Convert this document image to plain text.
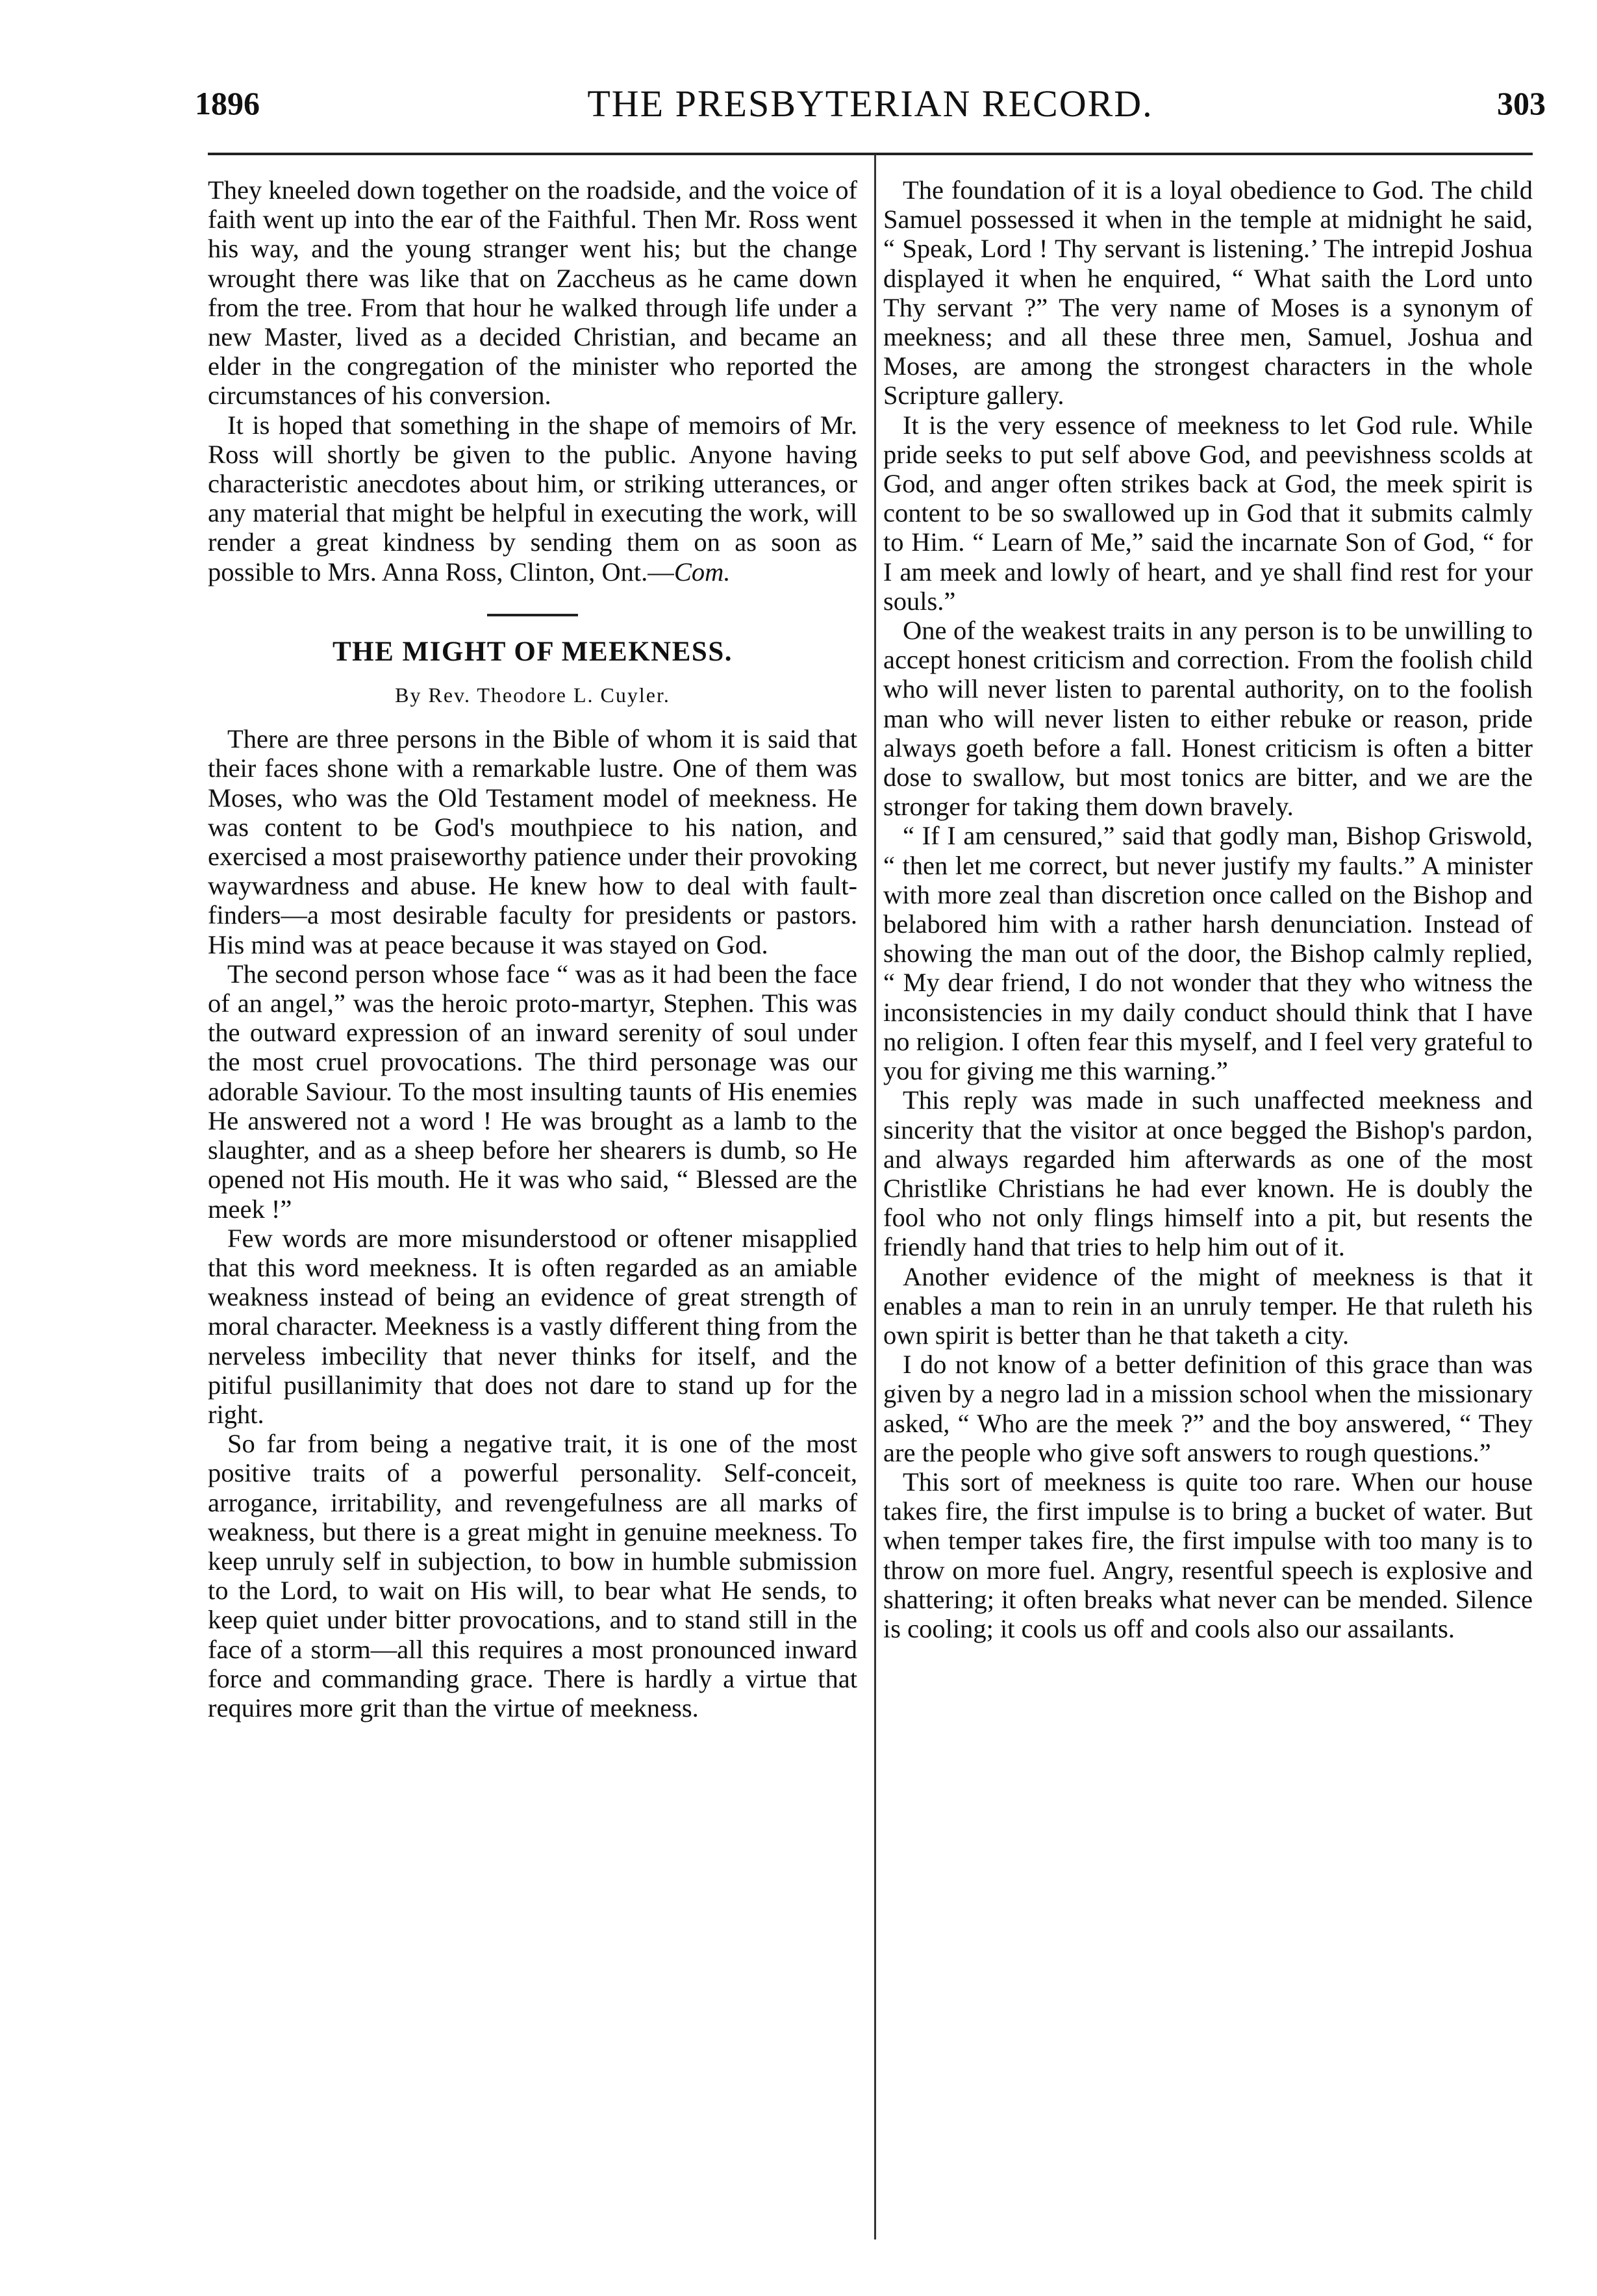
1896	THE PRESBYTERIAN RECORD.	303

They kneeled down together on the roadside, and the voice of faith went up into the ear of the Faithful. Then Mr. Ross went his way, and the young stranger went his; but the change wrought there was like that on Zaccheus as he came down from the tree. From that hour he walked through life under a new Master, lived as a decided Christian, and became an elder in the congregation of the minister who reported the circumstances of his conversion.

It is hoped that something in the shape of memoirs of Mr. Ross will shortly be given to the public. Anyone having characteristic anecdotes about him, or striking utterances, or any material that might be helpful in executing the work, will render a great kindness by sending them on as soon as possible to Mrs. Anna Ross, Clinton, Ont.—Com.

THE MIGHT OF MEEKNESS.
By Rev. Theodore L. Cuyler.

There are three persons in the Bible of whom it is said that their faces shone with a remarkable lustre. One of them was Moses, who was the Old Testament model of meekness. He was content to be God's mouthpiece to his nation, and exercised a most praiseworthy patience under their provoking waywardness and abuse. He knew how to deal with fault-finders—a most desirable faculty for presidents or pastors. His mind was at peace because it was stayed on God.

The second person whose face “ was as it had been the face of an angel,” was the heroic proto-martyr, Stephen. This was the outward expression of an inward serenity of soul under the most cruel provocations. The third personage was our adorable Saviour. To the most insulting taunts of His enemies He answered not a word ! He was brought as a lamb to the slaughter, and as a sheep before her shearers is dumb, so He opened not His mouth. He it was who said, “ Blessed are the meek !”

Few words are more misunderstood or oftener misapplied that this word meekness. It is often regarded as an amiable weakness instead of being an evidence of great strength of moral character. Meekness is a vastly different thing from the nerveless imbecility that never thinks for itself, and the pitiful pusillanimity that does not dare to stand up for the right.

So far from being a negative trait, it is one of the most positive traits of a powerful personality. Self-conceit, arrogance, irritability, and revengefulness are all marks of weakness, but there is a great might in genuine meekness. To keep unruly self in subjection, to bow in humble submission to the Lord, to wait on His will, to bear what He sends, to keep quiet under bitter provocations, and to stand still in the face of a storm—all this requires a most pronounced inward force and commanding grace. There is hardly a virtue that requires more grit than the virtue of meekness.

The foundation of it is a loyal obedience to God. The child Samuel possessed it when in the temple at midnight he said, “ Speak, Lord ! Thy servant is listening.’ The intrepid Joshua displayed it when he enquired, “ What saith the Lord unto Thy servant ?” The very name of Moses is a synonym of meekness; and all these three men, Samuel, Joshua and Moses, are among the strongest characters in the whole Scripture gallery.

It is the very essence of meekness to let God rule. While pride seeks to put self above God, and peevishness scolds at God, and anger often strikes back at God, the meek spirit is content to be so swallowed up in God that it submits calmly to Him. “ Learn of Me,” said the incarnate Son of God, “ for I am meek and lowly of heart, and ye shall find rest for your souls.”

One of the weakest traits in any person is to be unwilling to accept honest criticism and correction. From the foolish child who will never listen to parental authority, on to the foolish man who will never listen to either rebuke or reason, pride always goeth before a fall. Honest criticism is often a bitter dose to swallow, but most tonics are bitter, and we are the stronger for taking them down bravely.

“ If I am censured,” said that godly man, Bishop Griswold, “ then let me correct, but never justify my faults.” A minister with more zeal than discretion once called on the Bishop and belabored him with a rather harsh denunciation. Instead of showing the man out of the door, the Bishop calmly replied, “ My dear friend, I do not wonder that they who witness the inconsistencies in my daily conduct should think that I have no religion. I often fear this myself, and I feel very grateful to you for giving me this warning.”

This reply was made in such unaffected meekness and sincerity that the visitor at once begged the Bishop's pardon, and always regarded him afterwards as one of the most Christlike Christians he had ever known. He is doubly the fool who not only flings himself into a pit, but resents the friendly hand that tries to help him out of it.

Another evidence of the might of meekness is that it enables a man to rein in an unruly temper. He that ruleth his own spirit is better than he that taketh a city.

I do not know of a better definition of this grace than was given by a negro lad in a mission school when the missionary asked, “ Who are the meek ?” and the boy answered, “ They are the people who give soft answers to rough questions.”

This sort of meekness is quite too rare. When our house takes fire, the first impulse is to bring a bucket of water. But when temper takes fire, the first impulse with too many is to throw on more fuel. Angry, resentful speech is explosive and shattering; it often breaks what never can be mended. Silence is cooling; it cools us off and cools also our assailants.
